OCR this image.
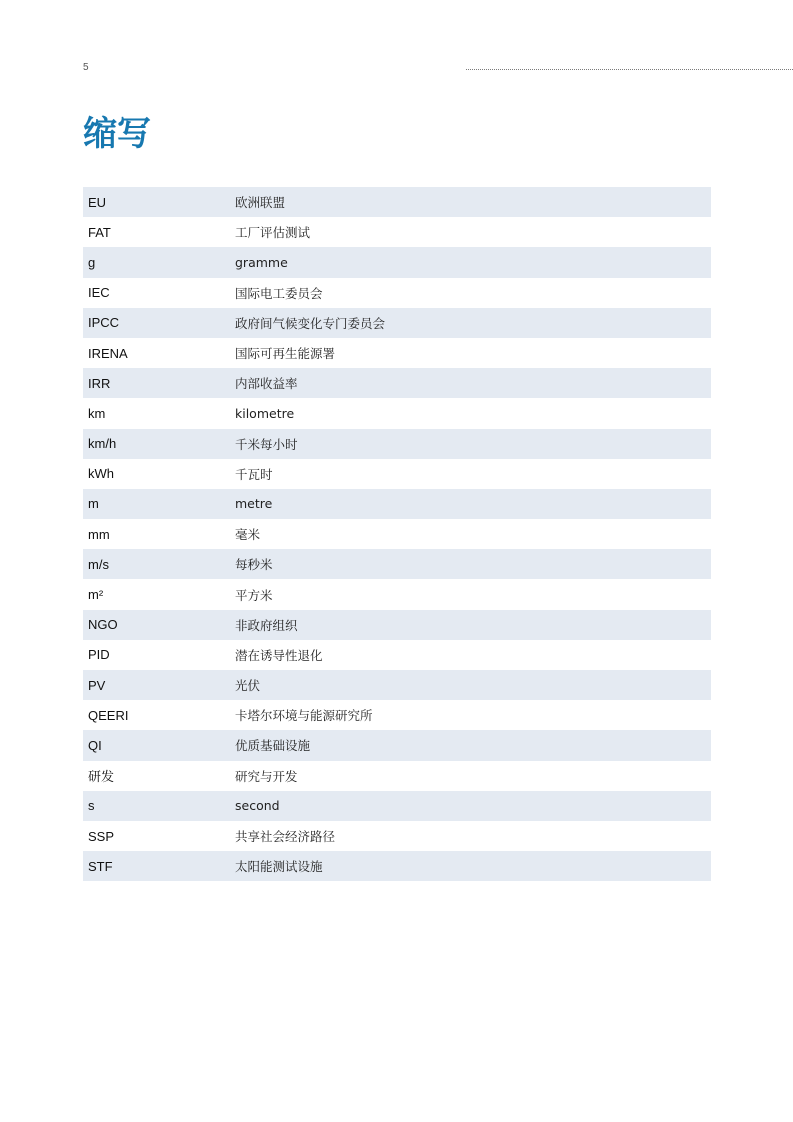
5
缩写
EU	欧洲联盟
FAT	工厂评估测试
g	gramme
IEC	国际电工委员会
IPCC	政府间气候变化专门委员会
IRENA	国际可再生能源署
IRR	内部收益率
km	kilometre
km/h	千米每小时
kWh	千瓦时
m	metre
mm	毫米
m/s	每秒米
m²	平方米
NGO	非政府组织
PID	潜在诱导性退化
PV	光伏
QEERI	卡塔尔环境与能源研究所
QI	优质基础设施
研发	研究与开发
s	second
SSP	共享社会经济路径
STF	太阳能测试设施
